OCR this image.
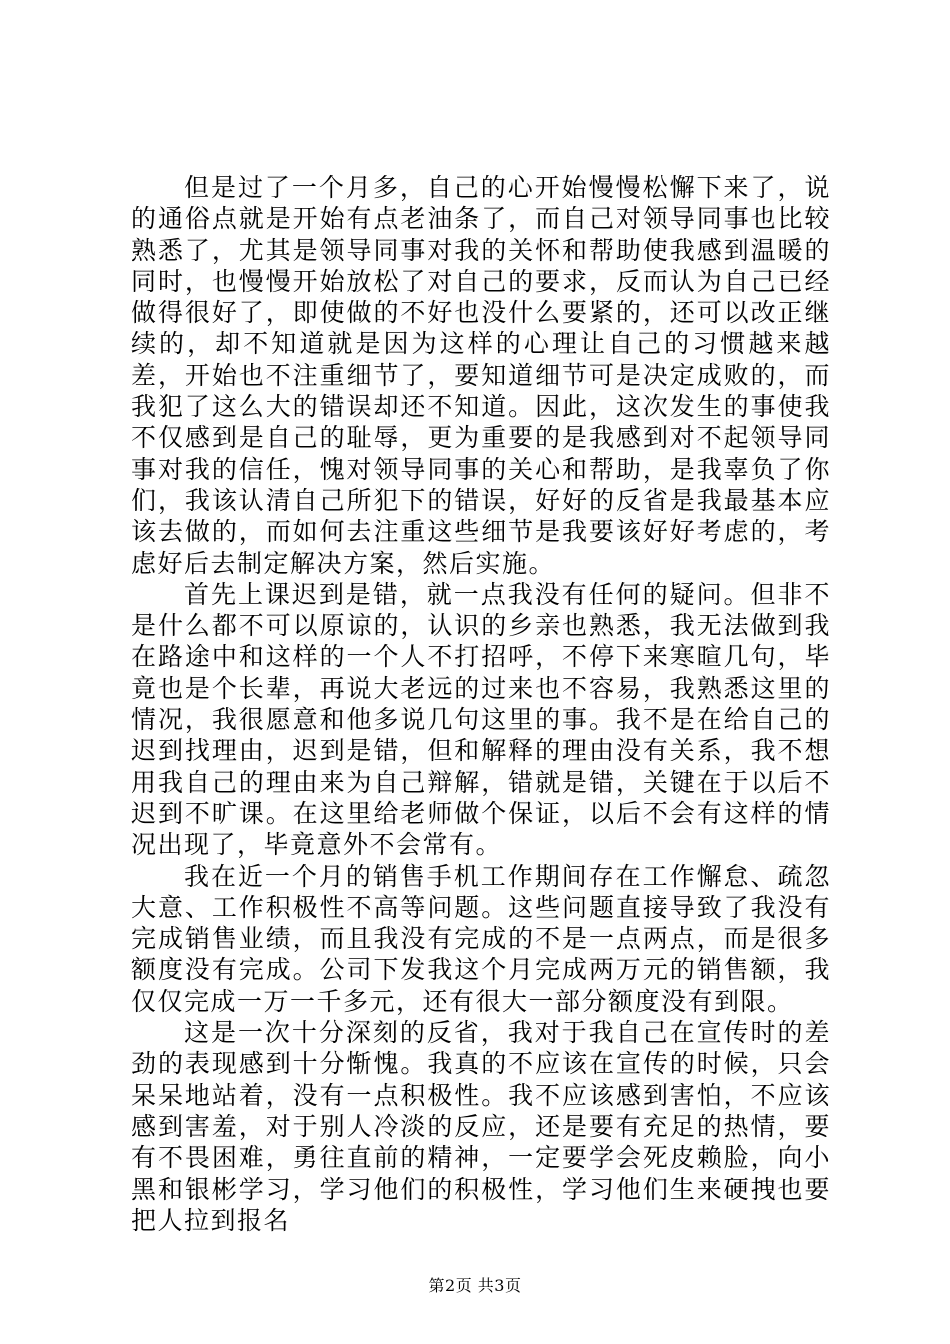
但是过了一个月多，自己的心开始慢慢松懈下来了，说的通俗点就是开始有点老油条了，而自己对领导同事也比较熟悉了，尤其是领导同事对我的关怀和帮助使我感到温暖的同时，也慢慢开始放松了对自己的要求，反而认为自己已经做得很好了，即使做的不好也没什么要紧的，还可以改正继续的，却不知道就是因为这样的心理让自己的习惯越来越差，开始也不注重细节了，要知道细节可是决定成败的，而我犯了这么大的错误却还不知道。因此，这次发生的事使我不仅感到是自己的耻辱，更为重要的是我感到对不起领导同事对我的信任，愧对领导同事的关心和帮助，是我辜负了你们，我该认清自己所犯下的错误，好好的反省是我最基本应该去做的，而如何去注重这些细节是我要该好好考虑的，考虑好后去制定解决方案，然后实施。

首先上课迟到是错，就一点我没有任何的疑问。但非不是什么都不可以原谅的，认识的乡亲也熟悉，我无法做到我在路途中和这样的一个人不打招呼，不停下来寒暄几句，毕竟也是个长辈，再说大老远的过来也不容易，我熟悉这里的情况，我很愿意和他多说几句这里的事。我不是在给自己的迟到找理由，迟到是错，但和解释的理由没有关系，我不想用我自己的理由来为自己辩解，错就是错，关键在于以后不迟到不旷课。在这里给老师做个保证，以后不会有这样的情况出现了，毕竟意外不会常有。

我在近一个月的销售手机工作期间存在工作懈怠、疏忽大意、工作积极性不高等问题。这些问题直接导致了我没有完成销售业绩，而且我没有完成的不是一点两点，而是很多额度没有完成。公司下发我这个月完成两万元的销售额，我仅仅完成一万一千多元，还有很大一部分额度没有到限。

这是一次十分深刻的反省，我对于我自己在宣传时的差劲的表现感到十分惭愧。我真的不应该在宣传的时候，只会呆呆地站着，没有一点积极性。我不应该感到害怕，不应该感到害羞，对于别人冷淡的反应，还是要有充足的热情，要有不畏困难，勇往直前的精神，一定要学会死皮赖脸，向小黑和银彬学习，学习他们的积极性，学习他们生来硬拽也要把人拉到报名

第2页 共3页
